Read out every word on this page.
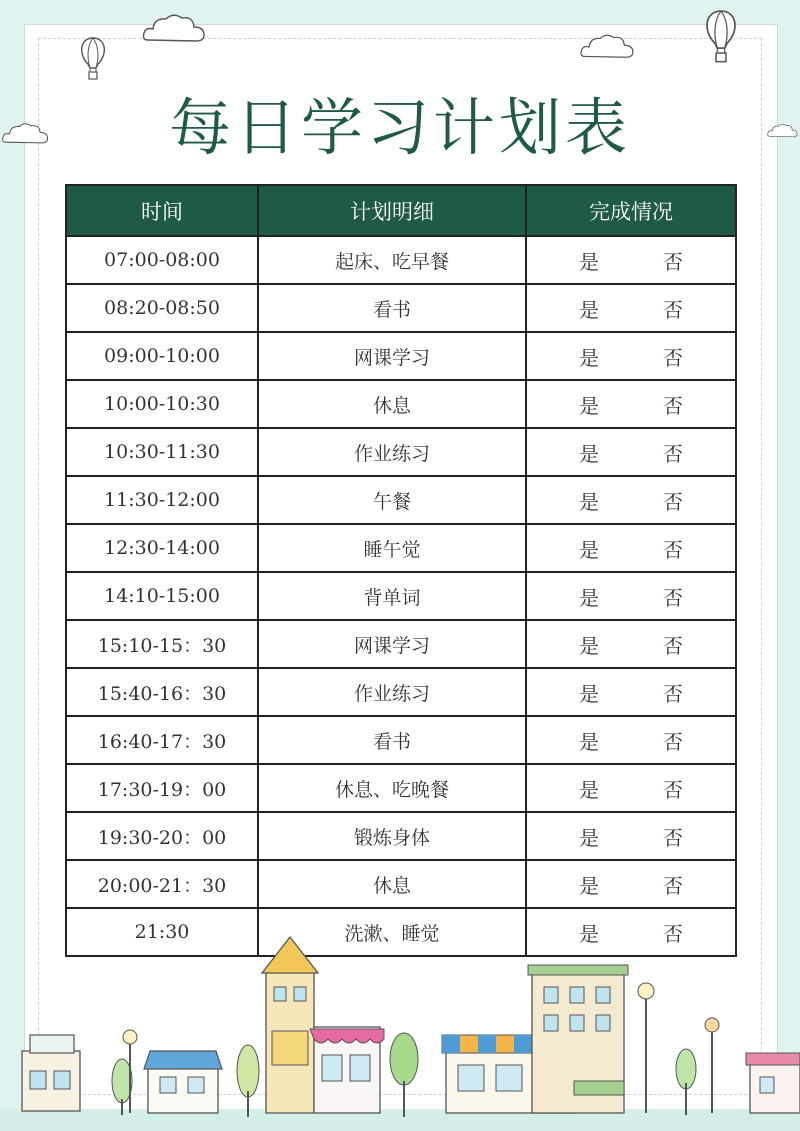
每日学习计划表
时间	计划明细	完成情况
07:00-08:00	起床、吃早餐	是 否

08:20-08:50	看书	是 否

09:00-10:00	网课学习	是 否

10:00-10:30	休息	是 否

10:30-11:30	作业练习	是 否

11:30-12:00	午餐	是 否

12:30-14:00	睡午觉	是 否

14:10-15:00	背单词	是 否

15:10-15：30	网课学习	是 否

15:40-16：30	作业练习	是 否

16:40-17：30	看书	是 否

17:30-19：00	休息、吃晚餐	是 否

19:30-20：00	锻炼身体	是 否

20:00-21：30	休息	是 否

21:30	洗漱、睡觉	是 否
